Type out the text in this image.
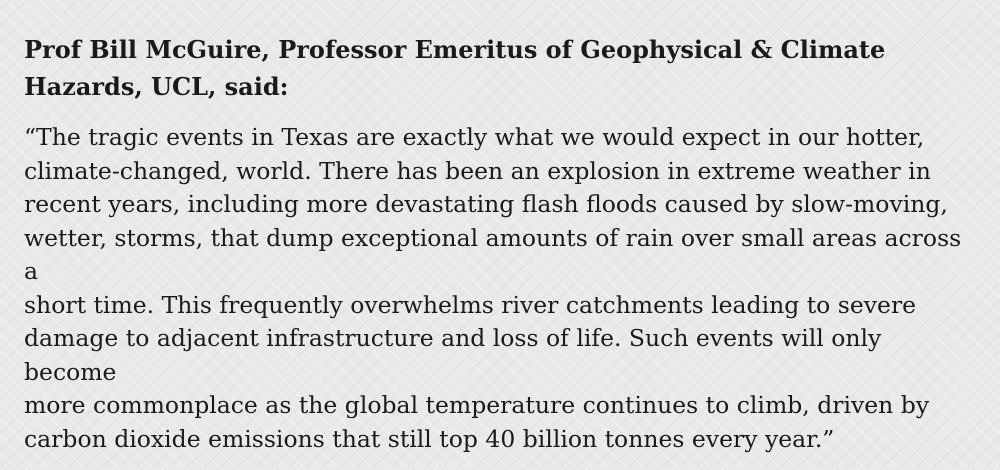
Prof Bill McGuire, Professor Emeritus of Geophysical & Climate
Hazards, UCL, said:

“The tragic events in Texas are exactly what we would expect in our hotter,
climate-changed, world. There has been an explosion in extreme weather in
recent years, including more devastating flash floods caused by slow-moving,
wetter, storms, that dump exceptional amounts of rain over small areas across a
short time. This frequently overwhelms river catchments leading to severe
damage to adjacent infrastructure and loss of life. Such events will only become
more commonplace as the global temperature continues to climb, driven by
carbon dioxide emissions that still top 40 billion tonnes every year.”
